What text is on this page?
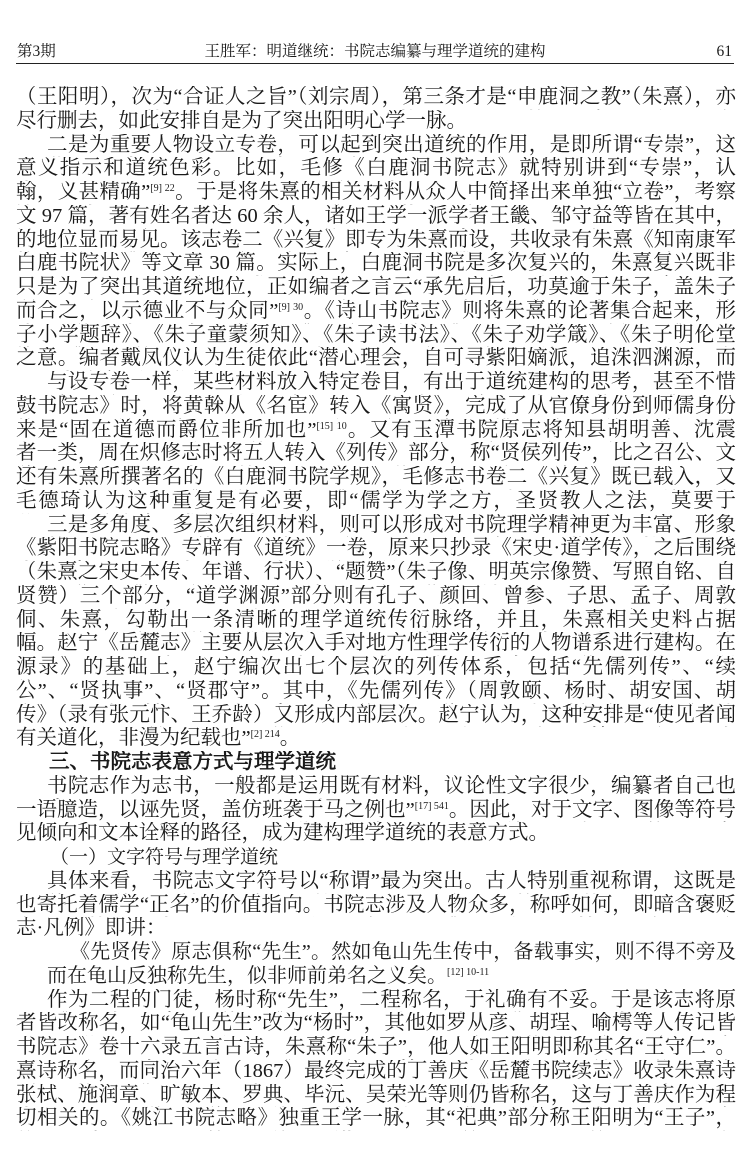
第3期	王胜军：明道继统：书院志编纂与理学道统的建构	61
（王阳明），次为“合证人之旨”（刘宗周），第三条才是“申鹿洞之教”（朱熹），亦
尽行删去，如此安排自是为了突出阳明心学一脉。
二是为重要人物设立专卷，可以起到突出道统的作用，是即所谓“专崇”，这
意义指示和道统色彩。比如，毛修《白鹿洞书院志》就特别讲到“专崇”，认
翰，义甚精确”$^{[9] 22}$。于是将朱熹的相关材料从众人中简择出来单独“立卷”，考察
文 97 篇，著有姓名者达 60 余人，诸如王学一派学者王畿、邹守益等皆在其中，
的地位显而易见。该志卷二《兴复》即专为朱熹而设，共收录有朱熹《知南康军
白鹿书院状》等文章 30 篇。实际上，白鹿洞书院是多次复兴的，朱熹复兴既非
只是为了突出其道统地位，正如编者之言云“承先启后，功莫逾于朱子，盖朱子
而合之，以示德业不与众同”$^{[9] 30}$。《诗山书院志》则将朱熹的论著集合起来，形
子小学题辞》、《朱子童蒙须知》、《朱子读书法》、《朱子劝学箴》、《朱子明伦堂
之意。编者戴凤仪认为生徒依此“潜心理会，自可寻紫阳嫡派，追洙泗渊源，而
与设专卷一样，某些材料放入特定卷目，有出于道统建构的思考，甚至不惜
鼓书院志》时，将黄榦从《名宦》转入《寓贤》，完成了从官僚身份到师儒身份
来是“固在道德而爵位非所加也”$^{[15] 10}$。又有玉潭书院原志将知县胡明善、沈震
者一类，周在炽修志时将五人转入《列传》部分，称“贤侯列传”，比之召公、文
还有朱熹所撰著名的《白鹿洞书院学规》，毛修志书卷二《兴复》既已载入，又
毛德琦认为这种重复是有必要，即“儒学为学之方，圣贤教人之法，莫要于
三是多角度、多层次组织材料，则可以形成对书院理学精神更为丰富、形象
《紫阳书院志略》专辟有《道统》一卷，原来只抄录《宋史·道学传》，之后围绕
（朱熹之宋史本传、年谱、行状）、“题赞”（朱子像、明英宗像赞、写照自铭、自
贤赞）三个部分，“道学渊源”部分则有孔子、颜回、曾参、子思、孟子、周敦
侗、朱熹，勾勒出一条清晰的理学道统传衍脉络，并且，朱熹相关史料占据
幅。赵宁《岳麓志》主要从层次入手对地方性理学传衍的人物谱系进行建构。在
源录》的基础上，赵宁编次出七个层次的列传体系，包括“先儒列传”、“续
公”、“贤执事”、“贤郡守”。其中，《先儒列传》（周敦颐、杨时、胡安国、胡
传》（录有张元忭、王乔龄）又形成内部层次。赵宁认为，这种安排是“使见者闻
有关道化，非漫为纪载也”$^{[2] 214}$。
三、书院志表意方式与理学道统
书院志作为志书，一般都是运用既有材料，议论性文字很少，编纂者自己也
一语臆造，以诬先贤，盖仿班袭于马之例也”$^{[17] 541}$。因此，对于文字、图像等符号
见倾向和文本诠释的路径，成为建构理学道统的表意方式。
（一）文字符号与理学道统
具体来看，书院志文字符号以“称谓”最为突出。古人特别重视称谓，这既是
也寄托着儒学“正名”的价值指向。书院志涉及人物众多，称呼如何，即暗含褒贬
志·凡例》即讲：
《先贤传》原志俱称“先生”。然如龟山先生传中，备载事实，则不得不旁及
而在龟山反独称先生，似非师前弟名之义矣。$^{[12] 10-11}$
作为二程的门徒，杨时称“先生”，二程称名，于礼确有不妥。于是该志将原
者皆改称名，如“龟山先生”改为“杨时”，其他如罗从彦、胡珵、喻樗等人传记皆
书院志》卷十六录五言古诗，朱熹称“朱子”，他人如王阳明即称其名“王守仁”。
熹诗称名，而同治六年（1867）最终完成的丁善庆《岳麓书院续志》收录朱熹诗
张栻、施润章、旷敏本、罗典、毕沅、吴荣光等则仍皆称名，这与丁善庆作为程
切相关的。《姚江书院志略》独重王学一脉，其“祀典”部分称王阳明为“王子”，
